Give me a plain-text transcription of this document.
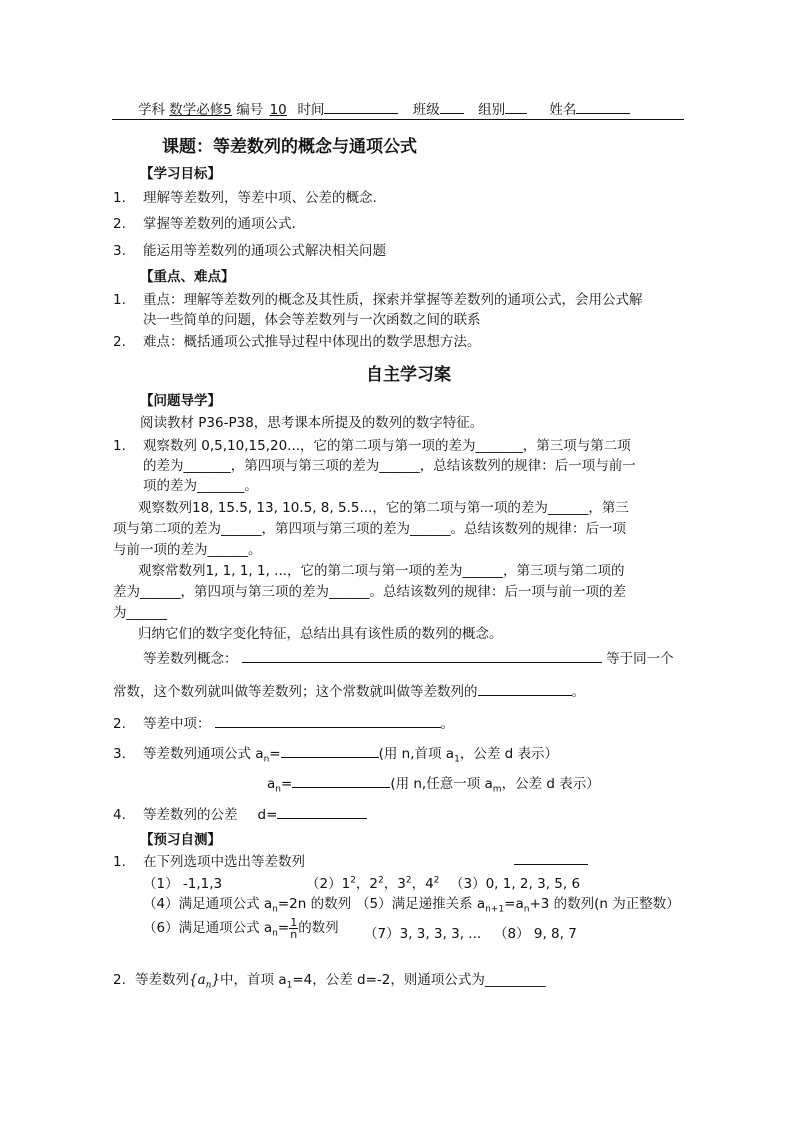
学科 数学必修5 编号 10 时间	班级	组别	姓名
课题：等差数列的概念与通项公式
【学习目标】
1. 理解等差数列，等差中项、公差的概念.
2. 掌握等差数列的通项公式.
3. 能运用等差数列的通项公式解决相关问题
【重点、难点】
1. 重点：理解等差数列的概念及其性质，探索并掌握等差数列的通项公式，会用公式解
决一些简单的问题，体会等差数列与一次函数之间的联系
2. 难点：概括通项公式推导过程中体现出的数学思想方法。
自主学习案
【问题导学】
阅读教材 P36-P38，思考课本所提及的数列的数字特征。
1. 观察数列 0,5,10,15,20...，它的第二项与第一项的差为_______，第三项与第二项
的差为_______，第四项与第三项的差为______，总结该数列的规律：后一项与前一
项的差为_______。
观察数列18, 15.5, 13, 10.5, 8, 5.5...，它的第二项与第一项的差为______，第三
项与第二项的差为______，第四项与第三项的差为______。总结该数列的规律：后一项
与前一项的差为______。
观察常数列1, 1, 1, 1, ...，它的第二项与第一项的差为______，第三项与第二项的
差为______，第四项与第三项的差为______。总结该数列的规律：后一项与前一项的差
为______
归纳它们的数字变化特征，总结出具有该性质的数列的概念。
等差数列概念：	等于同一个
常数，这个数列就叫做等差数列；这个常数就叫做等差数列的	。
2. 等差中项：	。
3. 等差数列通项公式 $a_n=$	(用 n,首项 $a_1$，公差 d 表示）
$a_n=$	(用 n,任意一项 $a_m$，公差 d 表示）
4. 等差数列的公差 d=
【预习自测】
1. 在下列选项中选出等差数列
（1） -1,1,3	$(2)1^2$，$2^2$，$3^2$，$4^2$ （3）0, 1, 2, 3, 5, 6
（4）满足通项公式 $a_n=2n$ 的数列 （5）满足递推关系 $a_{n+1}=a_n+3$ 的数列(n 为正整数）
（6）满足通项公式 $a_n= \frac{1}{n}$ 的数列 （7）3, 3, 3, 3, ... （8） 9, 8, 7
2. 等差数列$\{a_n\}$中，首项 $a_1=4$，公差 d=-2，则通项公式为_________
